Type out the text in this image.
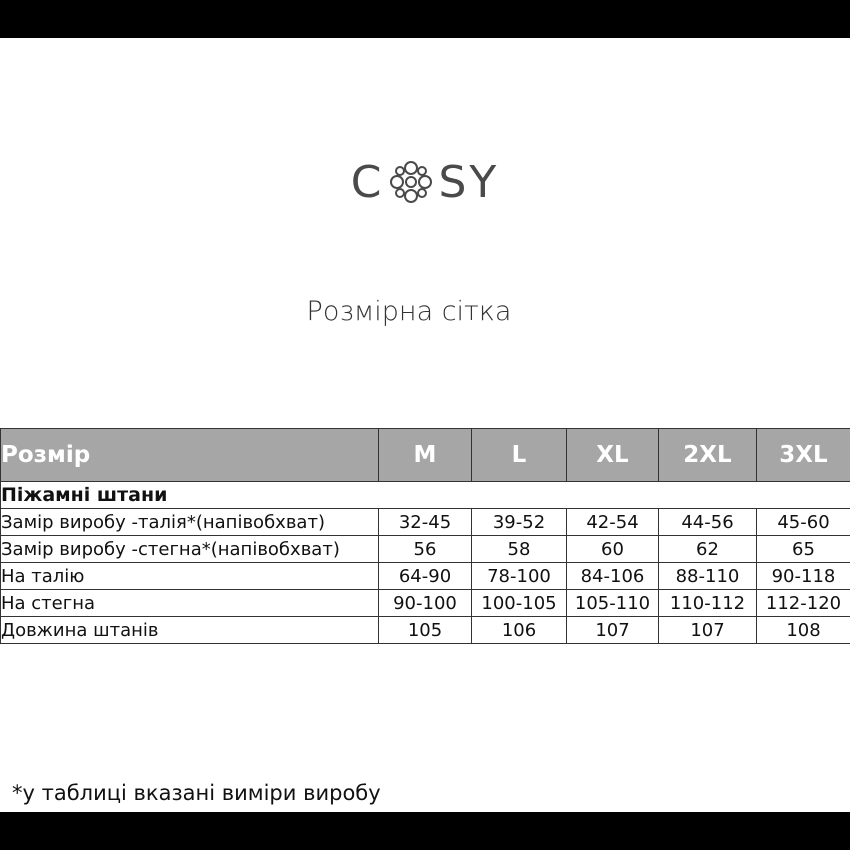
C SY
Розмірна сітка
Розмір	M	L	XL	2XL	3XL
Піжамні штани					
Замір виробу -талія*(напівобхват)	32-45	39-52	42-54	44-56	45-60
Замір виробу -стегна*(напівобхват)	56	58	60	62	65
На талію	64-90	78-100	84-106	88-110	90-118
На стегна	90-100	100-105	105-110	110-112	112-120
Довжина штанів	105	106	107	107	108
*у таблиці вказані виміри виробу
